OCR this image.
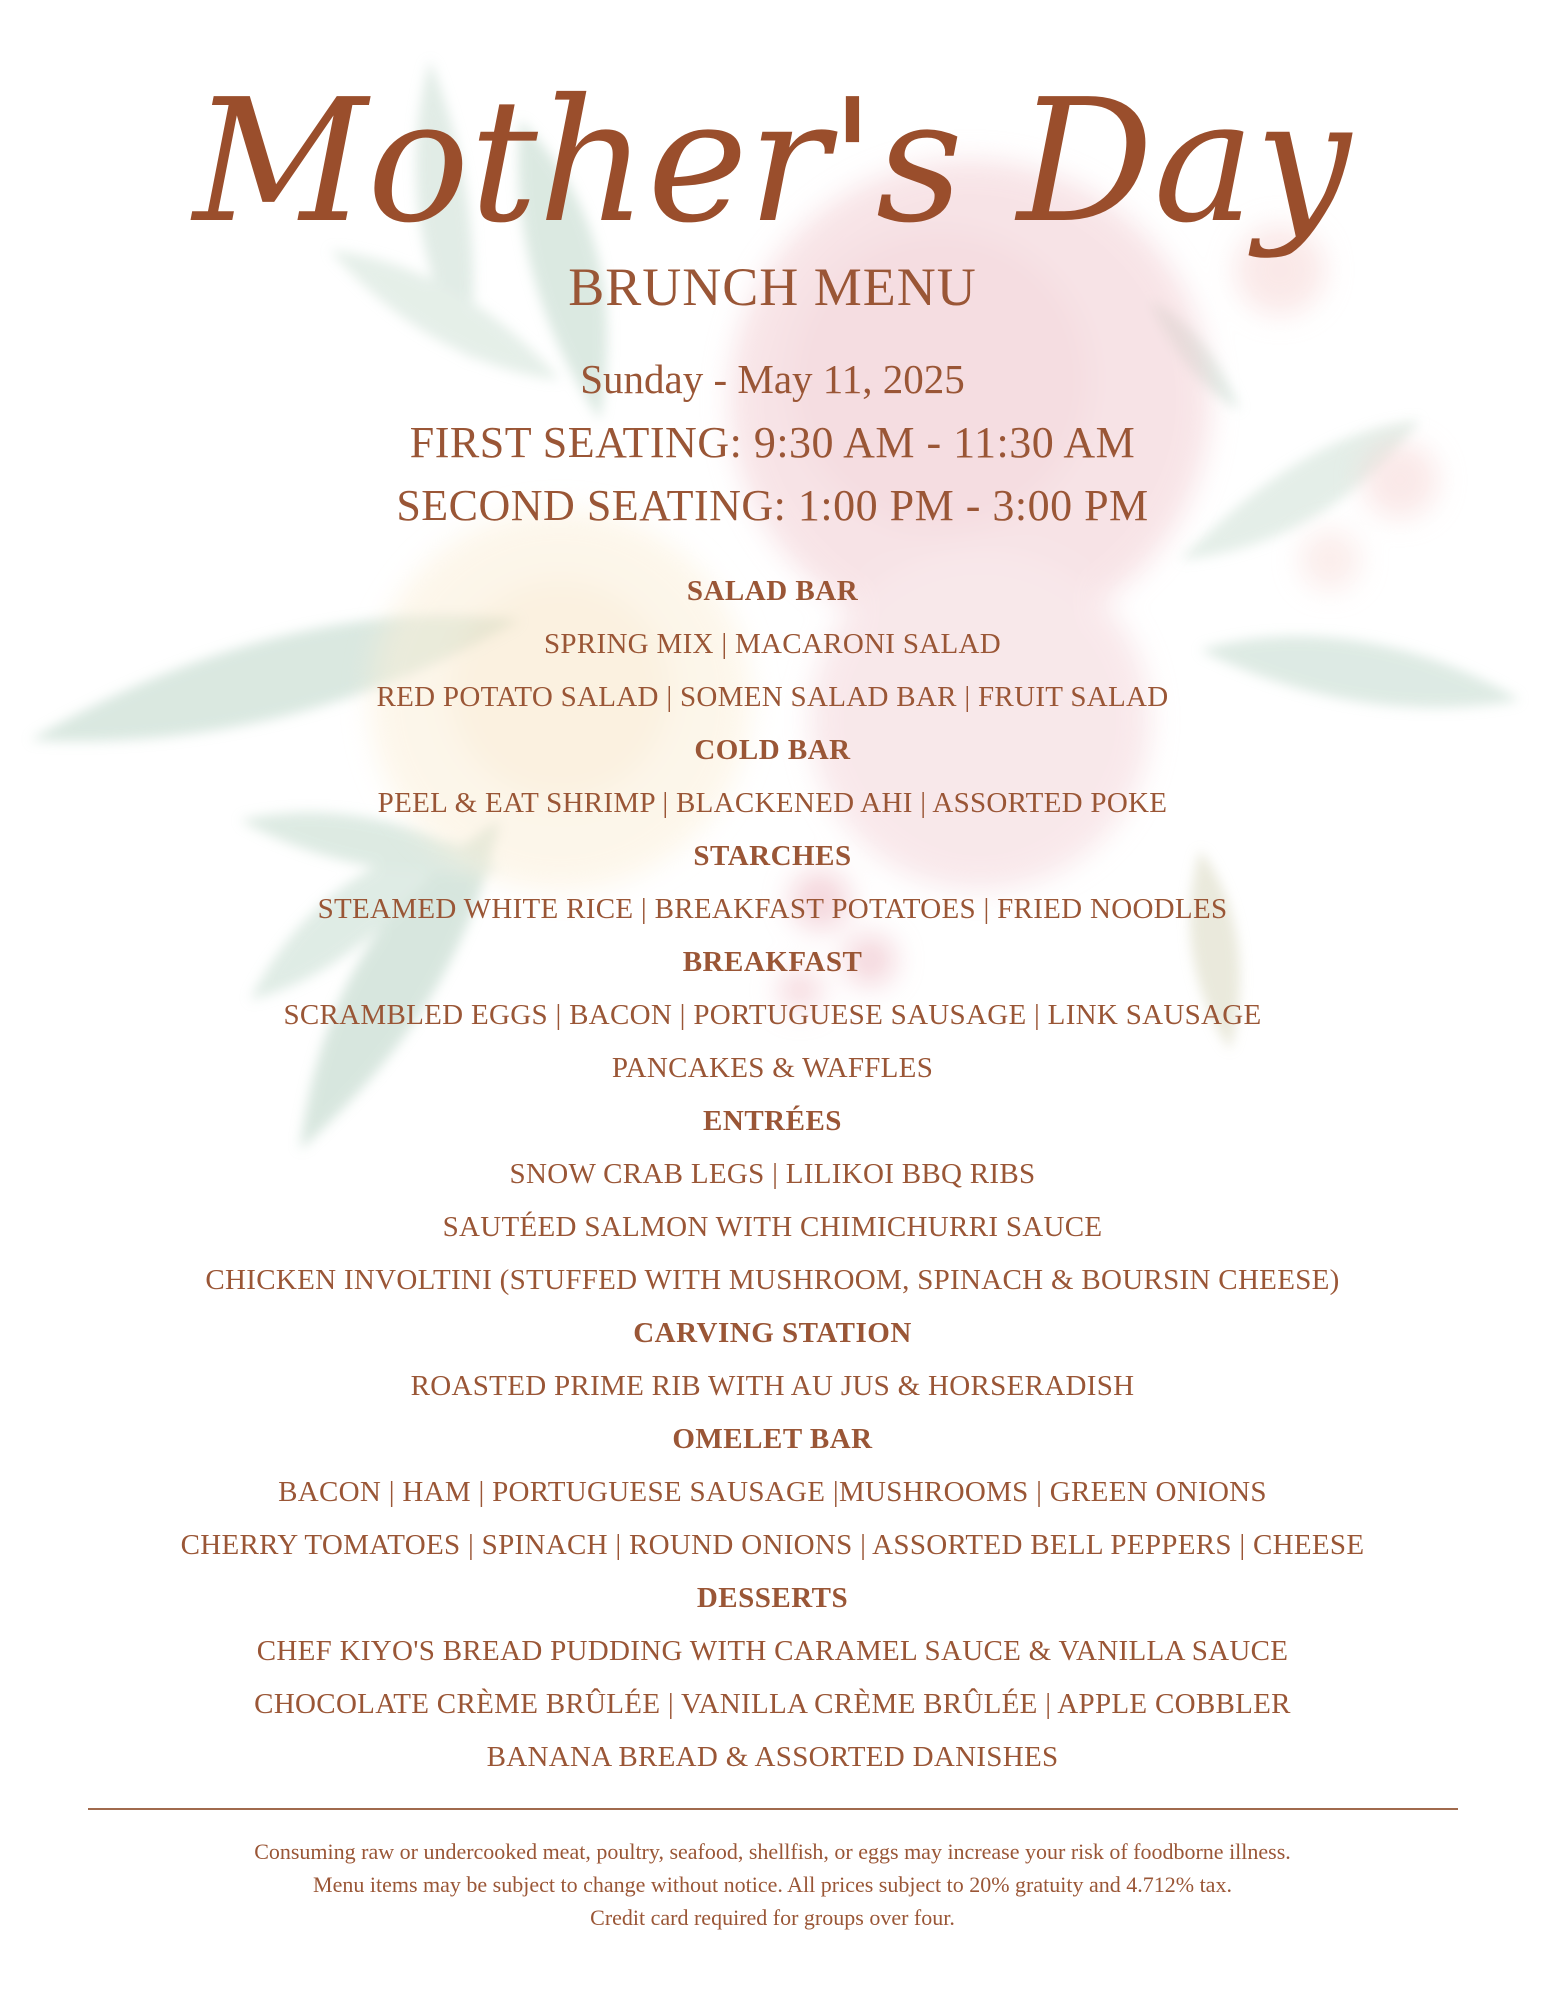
Mother's Day
BRUNCH MENU
Sunday - May 11, 2025
FIRST SEATING: 9:30 AM - 11:30 AM
SECOND SEATING: 1:00 PM - 3:00 PM
SALAD BAR
SPRING MIX | MACARONI SALAD
RED POTATO SALAD | SOMEN SALAD BAR | FRUIT SALAD
COLD BAR
PEEL & EAT SHRIMP | BLACKENED AHI | ASSORTED POKE
STARCHES
STEAMED WHITE RICE | BREAKFAST POTATOES | FRIED NOODLES
BREAKFAST
SCRAMBLED EGGS | BACON | PORTUGUESE SAUSAGE | LINK SAUSAGE
PANCAKES & WAFFLES
ENTRÉES
SNOW CRAB LEGS | LILIKOI BBQ RIBS
SAUTÉED SALMON WITH CHIMICHURRI SAUCE
CHICKEN INVOLTINI (STUFFED WITH MUSHROOM, SPINACH & BOURSIN CHEESE)
CARVING STATION
ROASTED PRIME RIB WITH AU JUS & HORSERADISH
OMELET BAR
BACON | HAM | PORTUGUESE SAUSAGE |MUSHROOMS | GREEN ONIONS
CHERRY TOMATOES | SPINACH | ROUND ONIONS | ASSORTED BELL PEPPERS | CHEESE
DESSERTS
CHEF KIYO'S BREAD PUDDING WITH CARAMEL SAUCE & VANILLA SAUCE
CHOCOLATE CRÈME BRÛLÉE | VANILLA CRÈME BRÛLÉE | APPLE COBBLER
BANANA BREAD & ASSORTED DANISHES
Consuming raw or undercooked meat, poultry, seafood, shellfish, or eggs may increase your risk of foodborne illness.
Menu items may be subject to change without notice. All prices subject to 20% gratuity and 4.712% tax.
Credit card required for groups over four.
